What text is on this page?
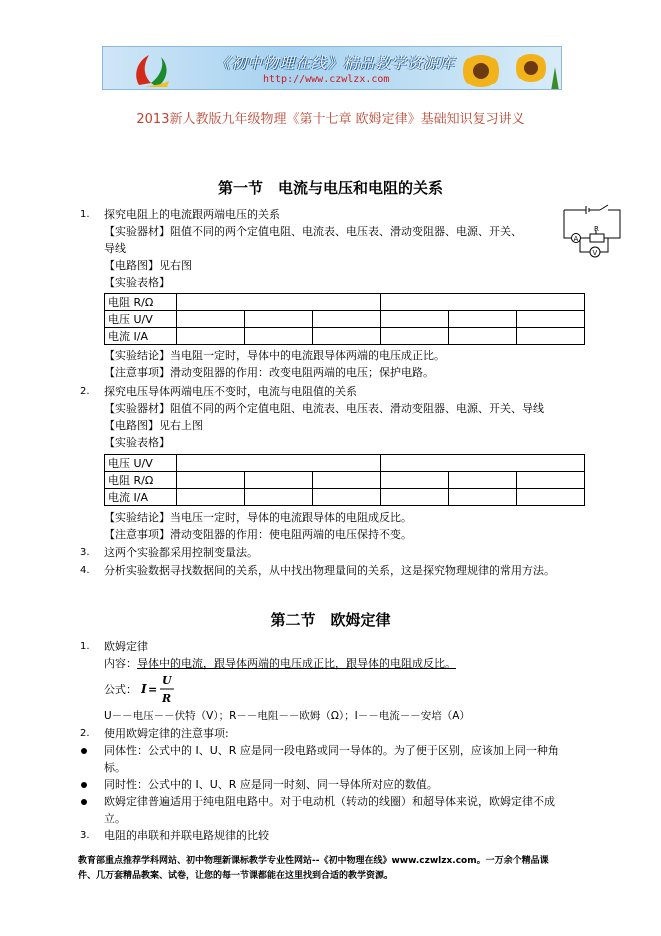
《初中物理在线》精品教学资源库
http://www.czwlzx.com
2013新人教版九年级物理《第十七章 欧姆定律》基础知识复习讲义
第一节　电流与电压和电阻的关系
1. 探究电阻上的电流跟两端电压的关系
【实验器材】阻值不同的两个定值电阻、电流表、电压表、滑动变阻器、电源、开关、
导线
【电路图】见右图
【实验表格】
A
R
V
电阻 R/Ω						
电压 U/V						
电流 I/A						
【实验结论】当电阻一定时，导体中的电流跟导体两端的电压成正比。
【注意事项】滑动变阻器的作用：改变电阻两端的电压；保护电路。
2. 探究电压导体两端电压不变时，电流与电阻值的关系
【实验器材】阻值不同的两个定值电阻、电流表、电压表、滑动变阻器、电源、开关、导线
【电路图】见右上图
【实验表格】
电压 U/V						
电阻 R/Ω						
电流 I/A						
【实验结论】当电压一定时，导体的电流跟导体的电阻成反比。
【注意事项】滑动变阻器的作用：使电阻两端的电压保持不变。
3. 这两个实验都采用控制变量法。
4. 分析实验数据寻找数据间的关系，从中找出物理量间的关系，这是探究物理规律的常用方法。
第二节　欧姆定律
1. 欧姆定律
内容：导体中的电流，跟导体两端的电压成正比，跟导体的电阻成反比。
公式： I =
U
R
U－－电压－－伏特（V）；R－－电阻－－欧姆（Ω）；I－－电流－－安培（A）
2. 使用欧姆定律的注意事项:
同体性：公式中的 I、U、R 应是同一段电路或同一导体的。为了便于区别，应该加上同一种角
标。
同时性：公式中的 I、U、R 应是同一时刻、同一导体所对应的数值。
欧姆定律普遍适用于纯电阻电路中。对于电动机（转动的线圈）和超导体来说，欧姆定律不成
立。
3. 电阻的串联和并联电路规律的比较
教育部重点推荐学科网站、初中物理新课标教学专业性网站--《初中物理在线》www.czwlzx.com。一万余个精品课
件、几万套精品教案、试卷，让您的每一节课都能在这里找到合适的教学资源。
